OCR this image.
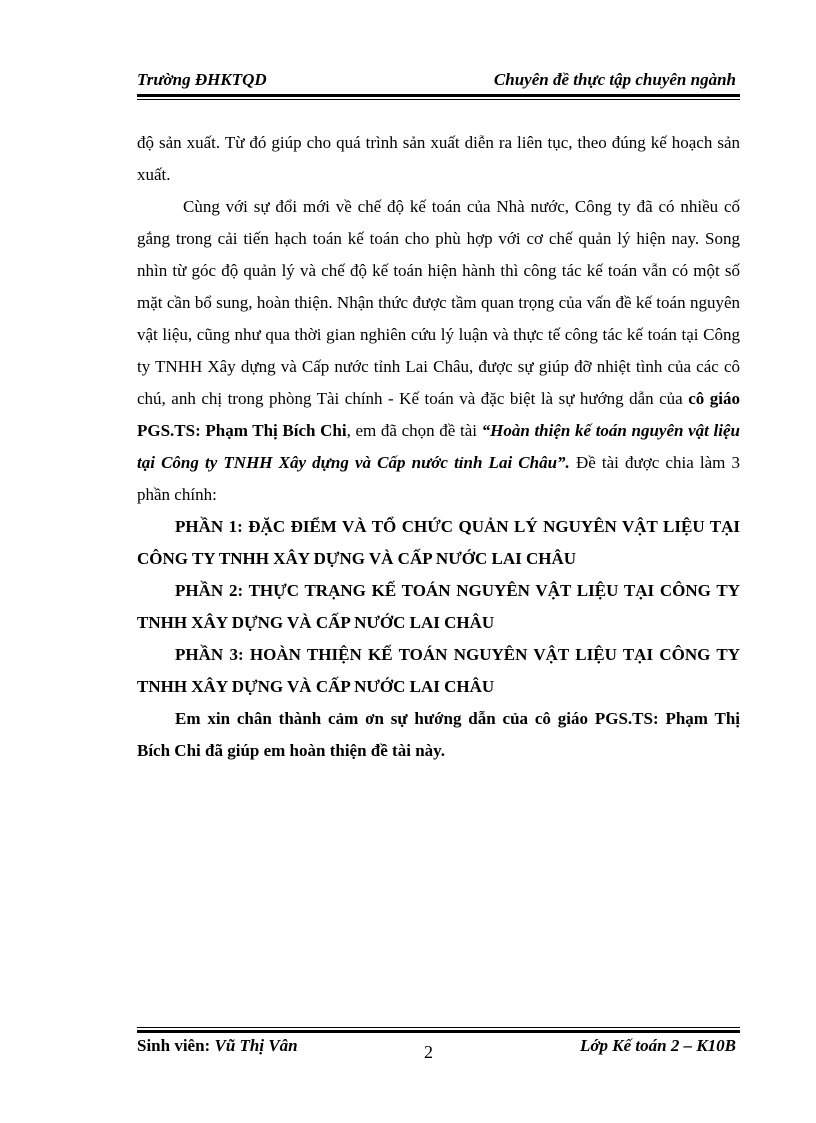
Trường ĐHKTQD	Chuyên đề thực tập chuyên ngành

độ sản xuất. Từ đó giúp cho quá trình sản xuất diễn ra liên tục, theo đúng kế hoạch sản xuất.

Cùng với sự đổi mới về chế độ kế toán của Nhà nước, Công ty đã có nhiều cố gắng trong cải tiến hạch toán kế toán cho phù hợp với cơ chế quản lý hiện nay. Song nhìn từ góc độ quản lý và chế độ kế toán hiện hành thì công tác kế toán vẫn có một số mặt cần bổ sung, hoàn thiện. Nhận thức được tầm quan trọng của vấn đề kế toán nguyên vật liệu, cũng như qua thời gian nghiên cứu lý luận và thực tế công tác kế toán tại Công ty TNHH Xây dựng và Cấp nước tỉnh Lai Châu, được sự giúp đỡ nhiệt tình của các cô chú, anh chị trong phòng Tài chính - Kế toán và đặc biệt là sự hướng dẫn của cô giáo PGS.TS: Phạm Thị Bích Chi, em đã chọn đề tài “Hoàn thiện kế toán nguyên vật liệu tại Công ty TNHH Xây dựng và Cấp nước tỉnh Lai Châu”. Đề tài được chia làm 3 phần chính:

PHẦN 1: ĐẶC ĐIỂM VÀ TỔ CHỨC QUẢN LÝ NGUYÊN VẬT LIỆU TẠI CÔNG TY TNHH XÂY DỰNG VÀ CẤP NƯỚC LAI CHÂU

PHẦN 2: THỰC TRẠNG KẾ TOÁN NGUYÊN VẬT LIỆU TẠI CÔNG TY TNHH XÂY DỰNG VÀ CẤP NƯỚC LAI CHÂU

PHẦN 3: HOÀN THIỆN KẾ TOÁN NGUYÊN VẬT LIỆU TẠI CÔNG TY TNHH XÂY DỰNG VÀ CẤP NƯỚC LAI CHÂU

Em xin chân thành cảm ơn sự hướng dẫn của cô giáo PGS.TS: Phạm Thị Bích Chi đã giúp em hoàn thiện đề tài này.

Sinh viên: Vũ Thị Vân	2	Lớp Kế toán 2 – K10B
